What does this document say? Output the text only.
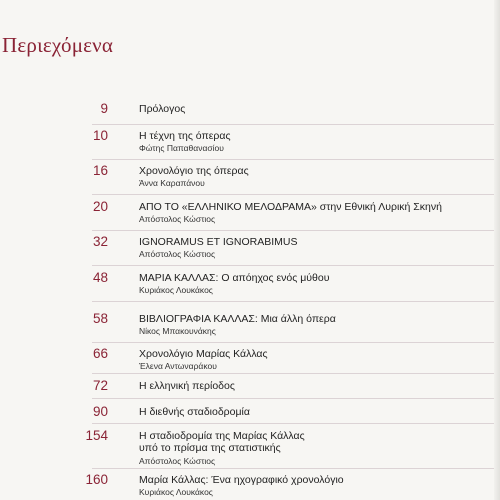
Περιεχόμενα
9	Πρόλογος
10	Η τέχνη της όπερας
Φώτης Παπαθανασίου
16	Χρονολόγιο της όπερας
Άννα Καραπάνου
20	ΑΠΟ ΤΟ «ΕΛΛΗΝΙΚΟ ΜΕΛΟΔΡΑΜΑ» στην Εθνική Λυρική Σκηνή
Απόστολος Κώστιος
32	IGNORAMUS ET IGNORABIMUS
Απόστολος Κώστιος
48	ΜΑΡΙΑ ΚΑΛΛΑΣ: Ο απόηχος ενός μύθου
Κυριάκος Λουκάκος
58	ΒΙΒΛΙΟΓΡΑΦΙΑ ΚΑΛΛΑΣ: Μια άλλη όπερα
Νίκος Μπακουνάκης
66	Χρονολόγιο Μαρίας Κάλλας
Έλενα Αντωναράκου
72	Η ελληνική περίοδος
90	Η διεθνής σταδιοδρομία
154	Η σταδιοδρομία της Μαρίας Κάλλας
υπό το πρίσμα της στατιστικής
Απόστολος Κώστιος
160	Μαρία Κάλλας: Ένα ηχογραφικό χρονολόγιο
Κυριάκος Λουκάκος
